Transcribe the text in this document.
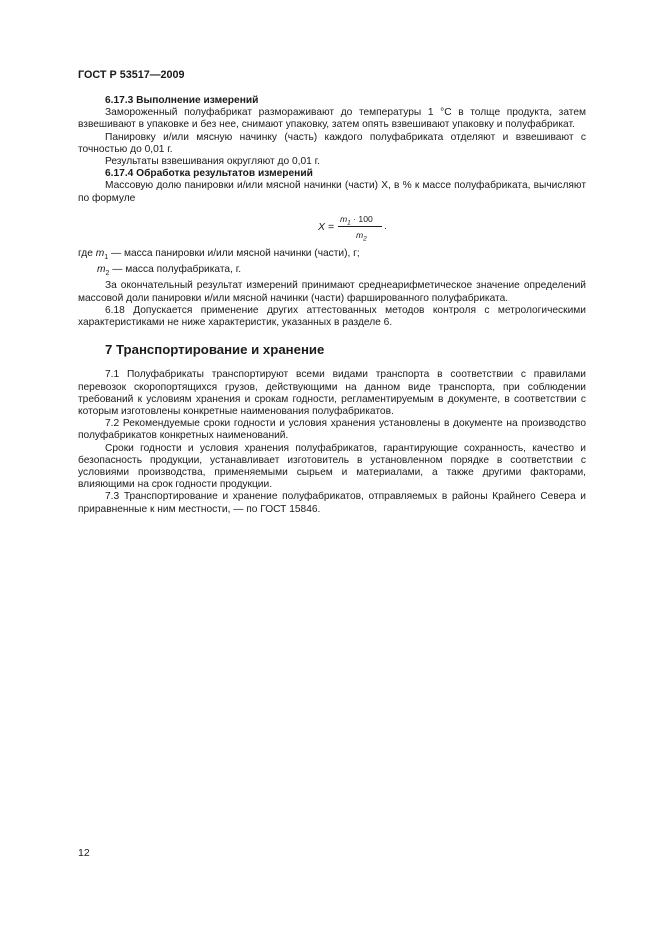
ГОСТ Р 53517—2009
6.17.3 Выполнение измерений

Замороженный полуфабрикат размораживают до температуры 1 °С в толще продукта, затем взвешивают в упаковке и без нее, снимают упаковку, затем опять взвешивают упаковку и полуфабрикат.

Панировку и/или мясную начинку (часть) каждого полуфабриката отделяют и взвешивают с точностью до 0,01 г.

Результаты взвешивания округляют до 0,01 г.

6.17.4 Обработка результатов измерений

Массовую долю панировки и/или мясной начинки (части) X, в % к массе полуфабриката, вычисляют по формуле

X =
$m_1 \cdot 100$
$m_2$
.

где $m_1$ — масса панировки и/или мясной начинки (части), г;

$m_2$ — масса полуфабриката, г.

За окончательный результат измерений принимают среднеарифметическое значение определений массовой доли панировки и/или мясной начинки (части) фаршированного полуфабриката.

6.18 Допускается применение других аттестованных методов контроля с метрологическими характеристиками не ниже характеристик, указанных в разделе 6.

7 Транспортирование и хранение

7.1 Полуфабрикаты транспортируют всеми видами транспорта в соответствии с правилами перевозок скоропортящихся грузов, действующими на данном виде транспорта, при соблюдении требований к условиям хранения и срокам годности, регламентируемым в документе, в соответствии с которым изготовлены конкретные наименования полуфабрикатов.

7.2 Рекомендуемые сроки годности и условия хранения установлены в документе на производство полуфабрикатов конкретных наименований.

Сроки годности и условия хранения полуфабрикатов, гарантирующие сохранность, качество и безопасность продукции, устанавливает изготовитель в установленном порядке в соответствии с условиями производства, применяемыми сырьем и материалами, а также другими факторами, влияющими на срок годности продукции.

7.3 Транспортирование и хранение полуфабрикатов, отправляемых в районы Крайнего Севера и приравненные к ним местности, — по ГОСТ 15846.

12
